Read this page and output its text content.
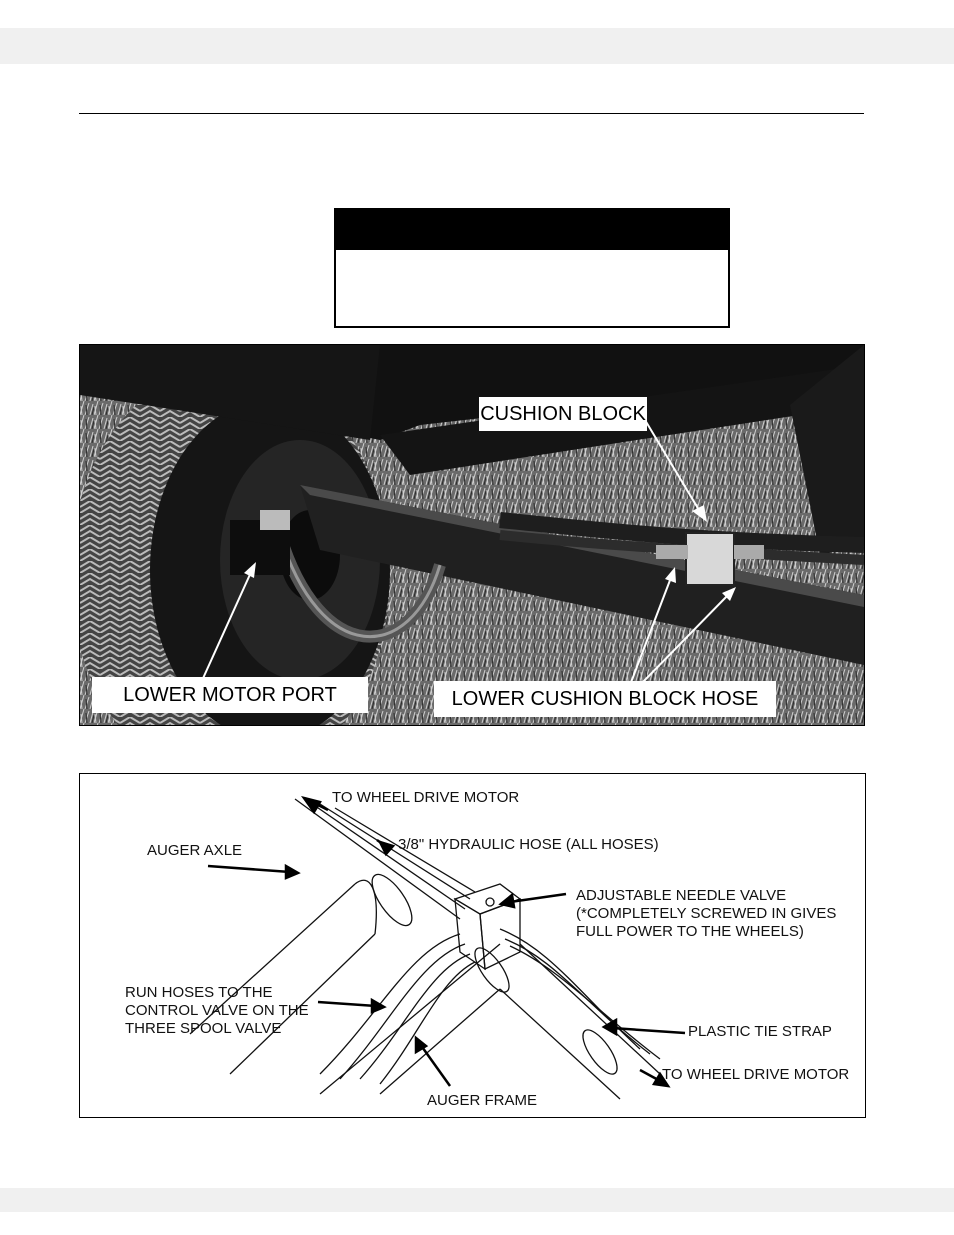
CUSHION BLOCK
LOWER MOTOR PORT	LOWER CUSHION BLOCK HOSE
TO WHEEL DRIVE MOTOR
3/8" HYDRAULIC HOSE (ALL HOSES)
AUGER AXLE
ADJUSTABLE NEEDLE VALVE
(*COMPLETELY SCREWED IN GIVES
FULL POWER TO THE WHEELS)
RUN HOSES TO THE
CONTROL VALVE ON THE
THREE SPOOL VALVE	PLASTIC TIE STRAP
TO WHEEL DRIVE MOTOR
AUGER FRAME
